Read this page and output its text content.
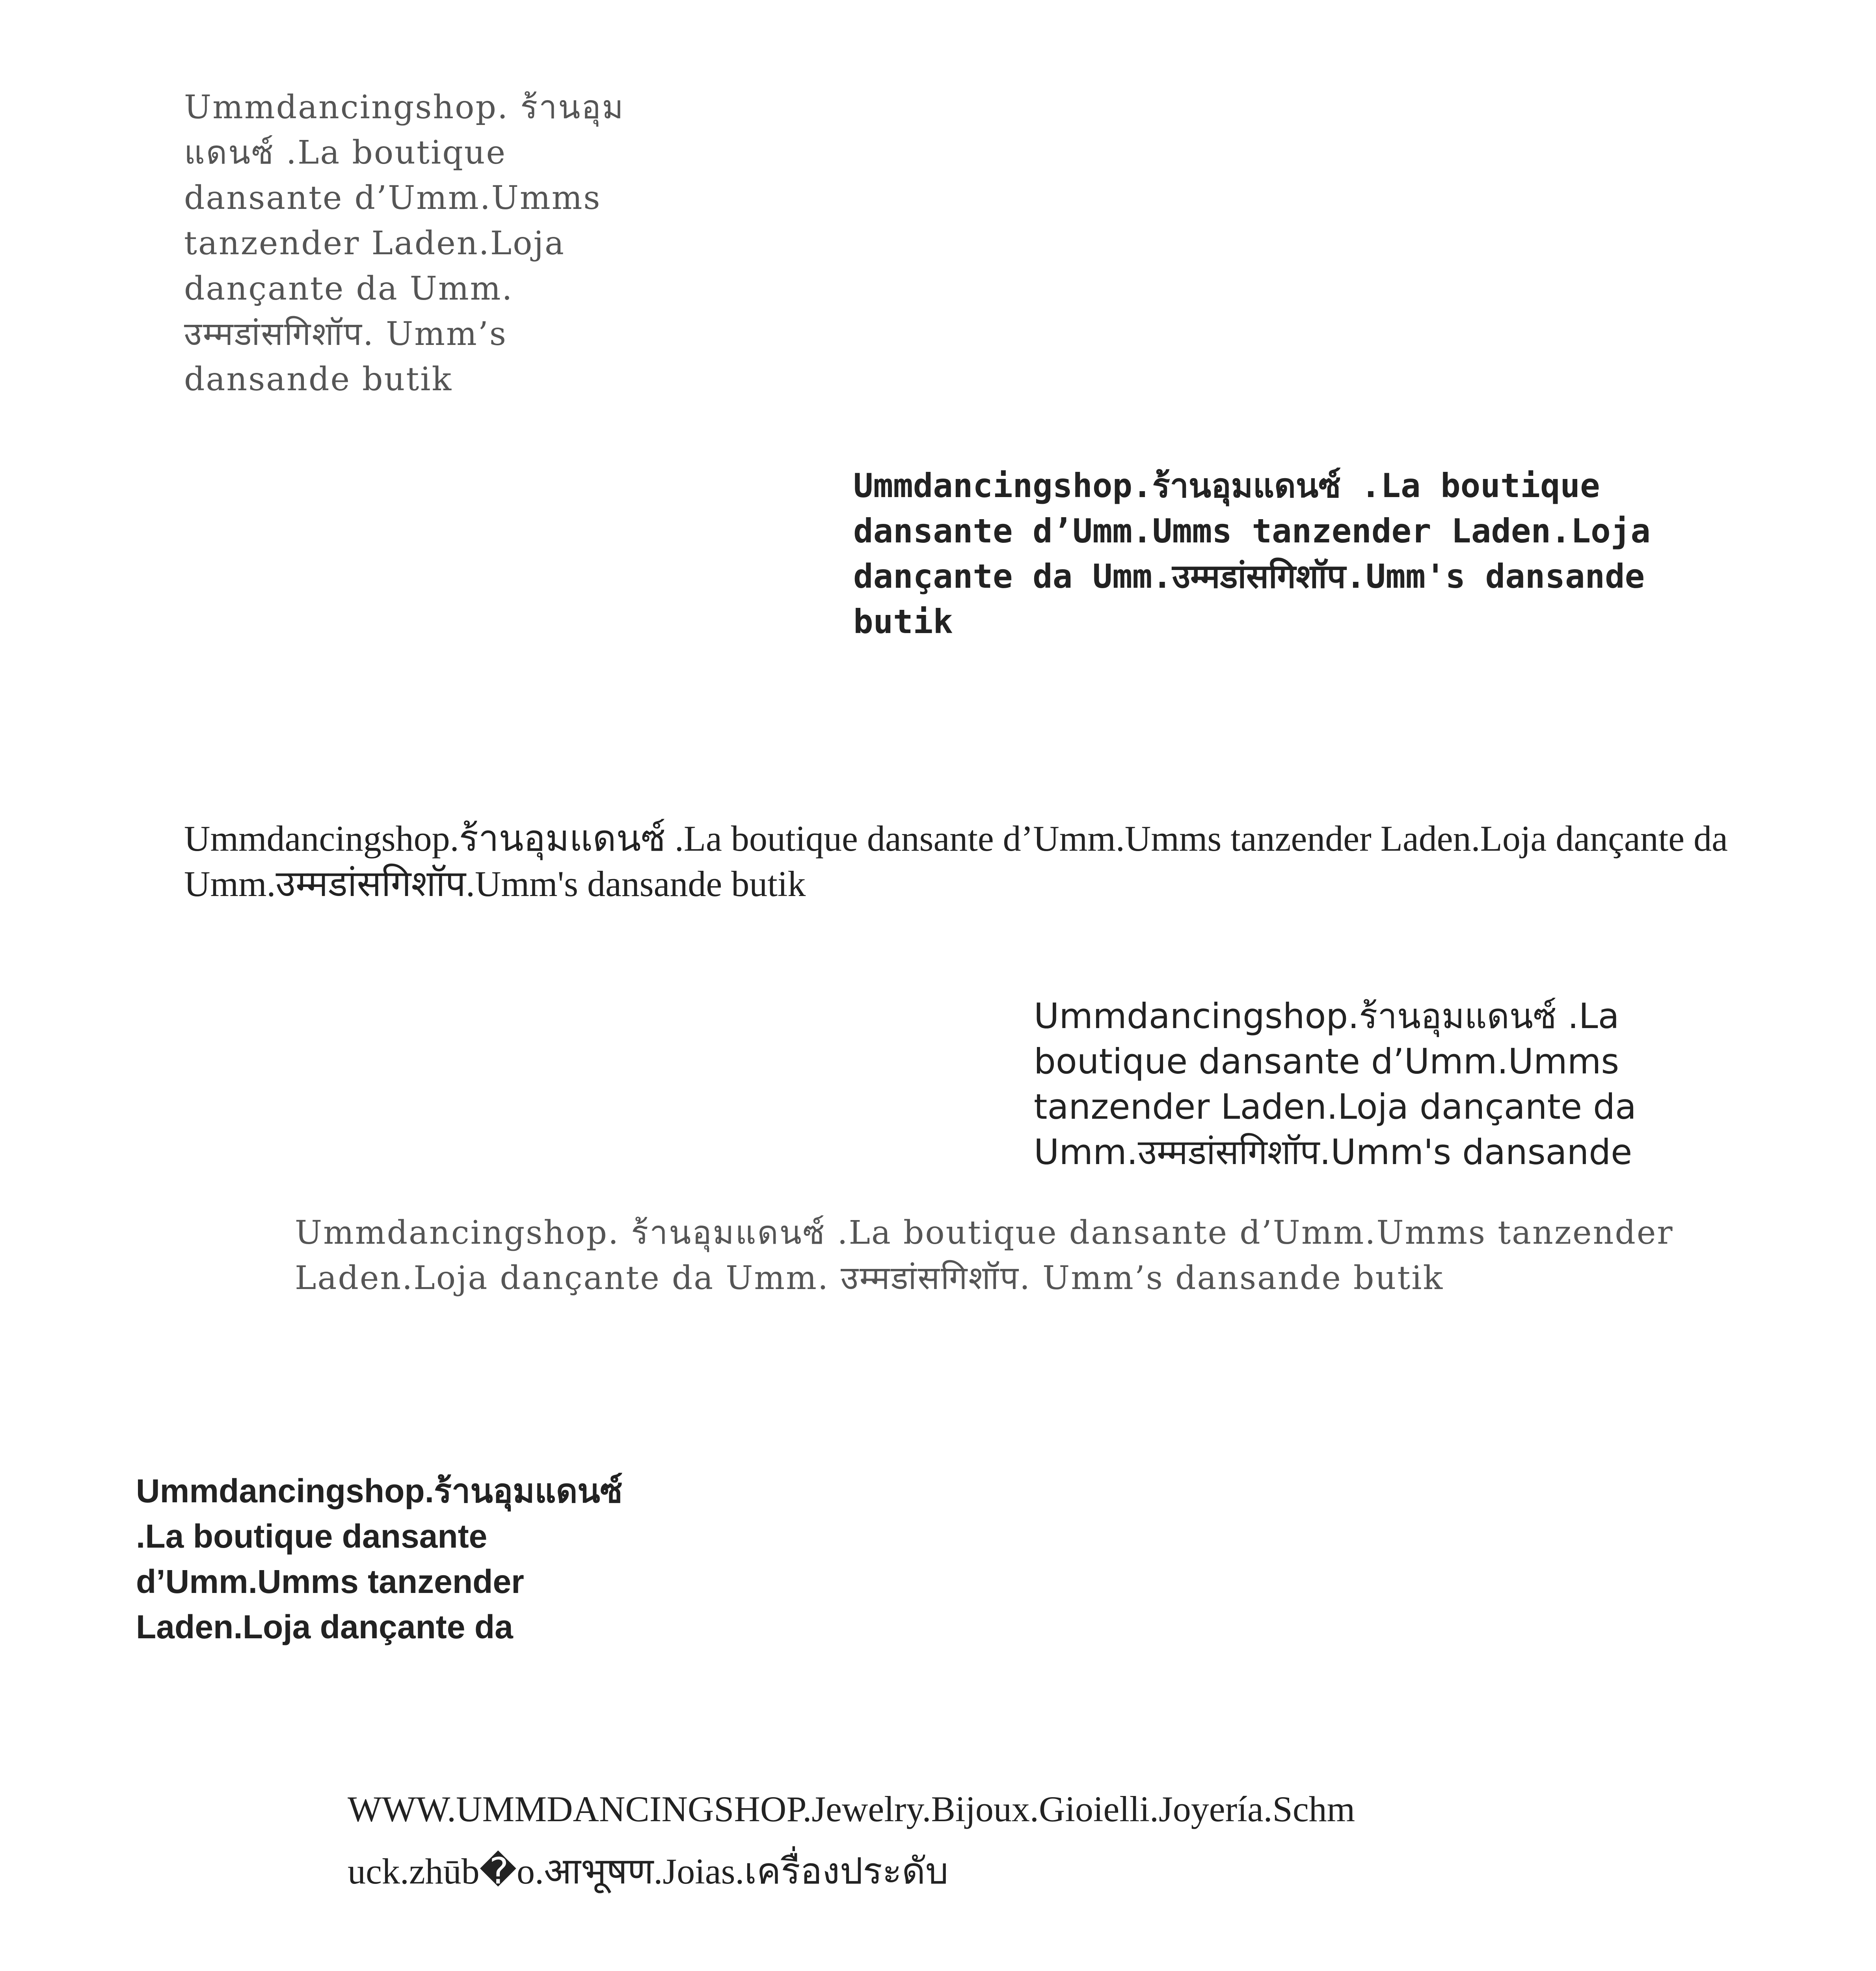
Ummdancingshop. ร้านอุมแดนซ์ .La boutique dansante d’Umm.Umms tanzender Laden.Loja dançante da Umm. उम्मडांसगिशॉप. Umm’s dansande butik

Ummdancingshop.ร้านอุมแดนซ์ .La boutique dansante d’Umm.Umms tanzender Laden.Loja dançante da Umm.उम्मडांसगिशॉप.Umm's dansande butik

Ummdancingshop.ร้านอุมแดนซ์ .La boutique dansante d’Umm.Umms tanzender Laden.Loja dançante da Umm.उम्मडांसगिशॉप.Umm's dansande butik

Ummdancingshop.ร้านอุมแดนซ์ .La boutique dansante d’Umm.Umms tanzender Laden.Loja dançante da Umm.उम्मडांसगिशॉप.Umm's dansande

Ummdancingshop. ร้านอุมแดนซ์ .La boutique dansante d’Umm.Umms tanzender Laden.Loja dançante da Umm. उम्मडांसगिशॉप. Umm’s dansande butik

Ummdancingshop.ร้านอุมแดนซ์ .La boutique dansante d’Umm.Umms tanzender Laden.Loja dançante da

WWW.UMMDANCINGSHOP.Jewelry.Bijoux.Gioielli.Joyería.Schmuck.zhūb�o.आभूषण.Joias.เครื่องประดับ
